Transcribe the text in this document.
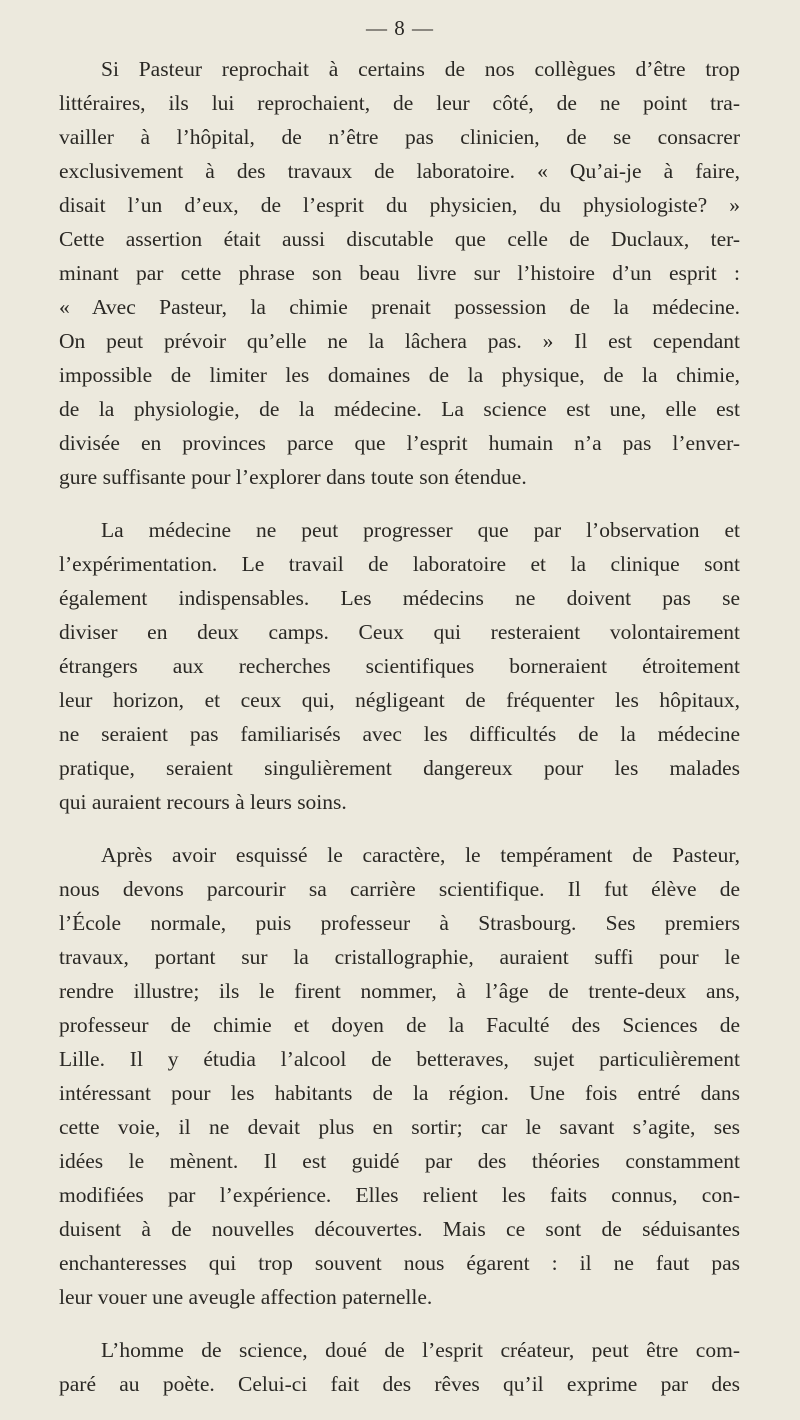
— 8 —
Si Pasteur reprochait à certains de nos collègues d’être trop
littéraires, ils lui reprochaient, de leur côté, de ne point tra-
vailler à l’hôpital, de n’être pas clinicien, de se consacrer
exclusivement à des travaux de laboratoire. « Qu’ai-je à faire,
disait l’un d’eux, de l’esprit du physicien, du physiologiste? »
Cette assertion était aussi discutable que celle de Duclaux, ter-
minant par cette phrase son beau livre sur l’histoire d’un esprit :
« Avec Pasteur, la chimie prenait possession de la médecine.
On peut prévoir qu’elle ne la lâchera pas. » Il est cependant
impossible de limiter les domaines de la physique, de la chimie,
de la physiologie, de la médecine. La science est une, elle est
divisée en provinces parce que l’esprit humain n’a pas l’enver-
gure suffisante pour l’explorer dans toute son étendue.
La médecine ne peut progresser que par l’observation et
l’expérimentation. Le travail de laboratoire et la clinique sont
également indispensables. Les médecins ne doivent pas se
diviser en deux camps. Ceux qui resteraient volontairement
étrangers aux recherches scientifiques borneraient étroitement
leur horizon, et ceux qui, négligeant de fréquenter les hôpitaux,
ne seraient pas familiarisés avec les difficultés de la médecine
pratique, seraient singulièrement dangereux pour les malades
qui auraient recours à leurs soins.
Après avoir esquissé le caractère, le tempérament de Pasteur,
nous devons parcourir sa carrière scientifique. Il fut élève de
l’École normale, puis professeur à Strasbourg. Ses premiers
travaux, portant sur la cristallographie, auraient suffi pour le
rendre illustre; ils le firent nommer, à l’âge de trente-deux ans,
professeur de chimie et doyen de la Faculté des Sciences de
Lille. Il y étudia l’alcool de betteraves, sujet particulièrement
intéressant pour les habitants de la région. Une fois entré dans
cette voie, il ne devait plus en sortir; car le savant s’agite, ses
idées le mènent. Il est guidé par des théories constamment
modifiées par l’expérience. Elles relient les faits connus, con-
duisent à de nouvelles découvertes. Mais ce sont de séduisantes
enchanteresses qui trop souvent nous égarent : il ne faut pas
leur vouer une aveugle affection paternelle.
L’homme de science, doué de l’esprit créateur, peut être com-
paré au poète. Celui-ci fait des rêves qu’il exprime par des
